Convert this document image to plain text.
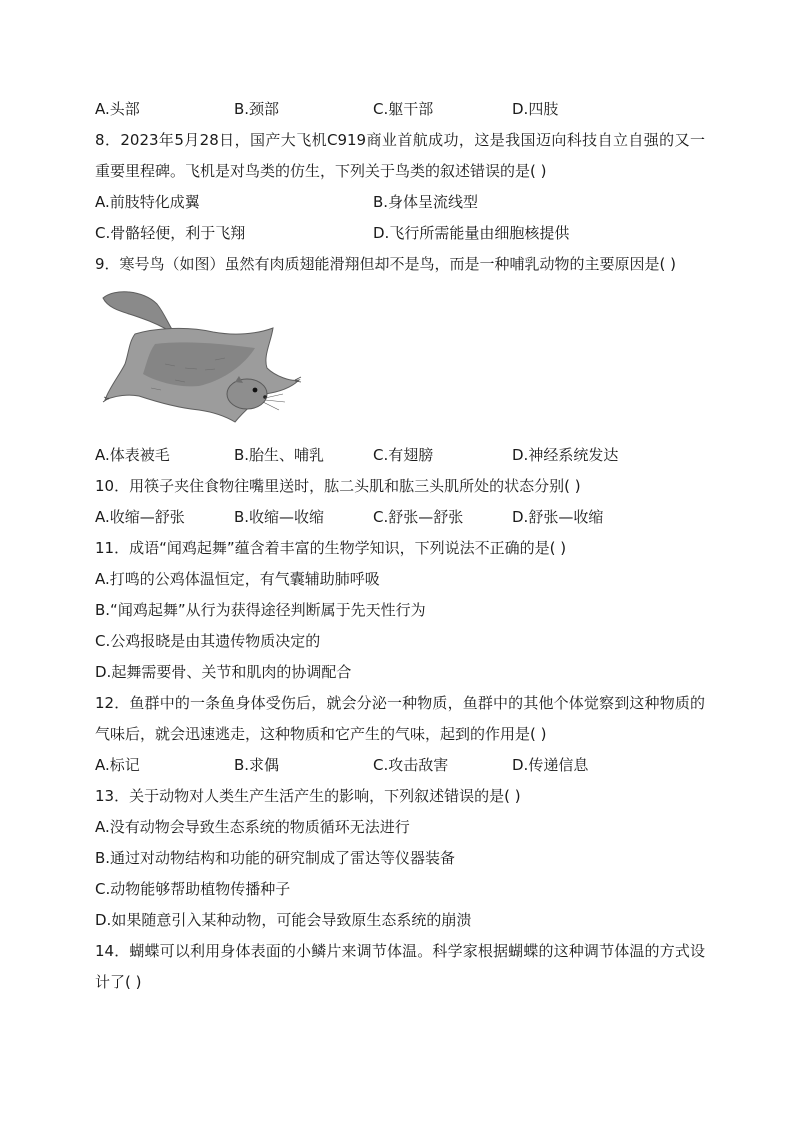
A.头部	B.颈部	C.躯干部	D.四肢
8．2023年5月28日，国产大飞机C919商业首航成功，这是我国迈向科技自立自强的又一重要里程碑。飞机是对鸟类的仿生，下列关于鸟类的叙述错误的是( )
A.前肢特化成翼	B.身体呈流线型
C.骨骼轻便，利于飞翔	D.飞行所需能量由细胞核提供
9．寒号鸟（如图）虽然有肉质翅能滑翔但却不是鸟，而是一种哺乳动物的主要原因是( )
A.体表被毛	B.胎生、哺乳	C.有翅膀	D.神经系统发达
10．用筷子夹住食物往嘴里送时，肱二头肌和肱三头肌所处的状态分别( )
A.收缩—舒张	B.收缩—收缩	C.舒张—舒张	D.舒张—收缩
11．成语“闻鸡起舞”蕴含着丰富的生物学知识，下列说法不正确的是( )
A.打鸣的公鸡体温恒定，有气囊辅助肺呼吸
B.“闻鸡起舞”从行为获得途径判断属于先天性行为
C.公鸡报晓是由其遗传物质决定的
D.起舞需要骨、关节和肌肉的协调配合
12．鱼群中的一条鱼身体受伤后，就会分泌一种物质，鱼群中的其他个体觉察到这种物质的气味后，就会迅速逃走，这种物质和它产生的气味，起到的作用是( )
A.标记	B.求偶	C.攻击敌害	D.传递信息
13．关于动物对人类生产生活产生的影响，下列叙述错误的是( )
A.没有动物会导致生态系统的物质循环无法进行
B.通过对动物结构和功能的研究制成了雷达等仪器装备
C.动物能够帮助植物传播种子
D.如果随意引入某种动物，可能会导致原生态系统的崩溃
14．蝴蝶可以利用身体表面的小鳞片来调节体温。科学家根据蝴蝶的这种调节体温的方式设计了( )
